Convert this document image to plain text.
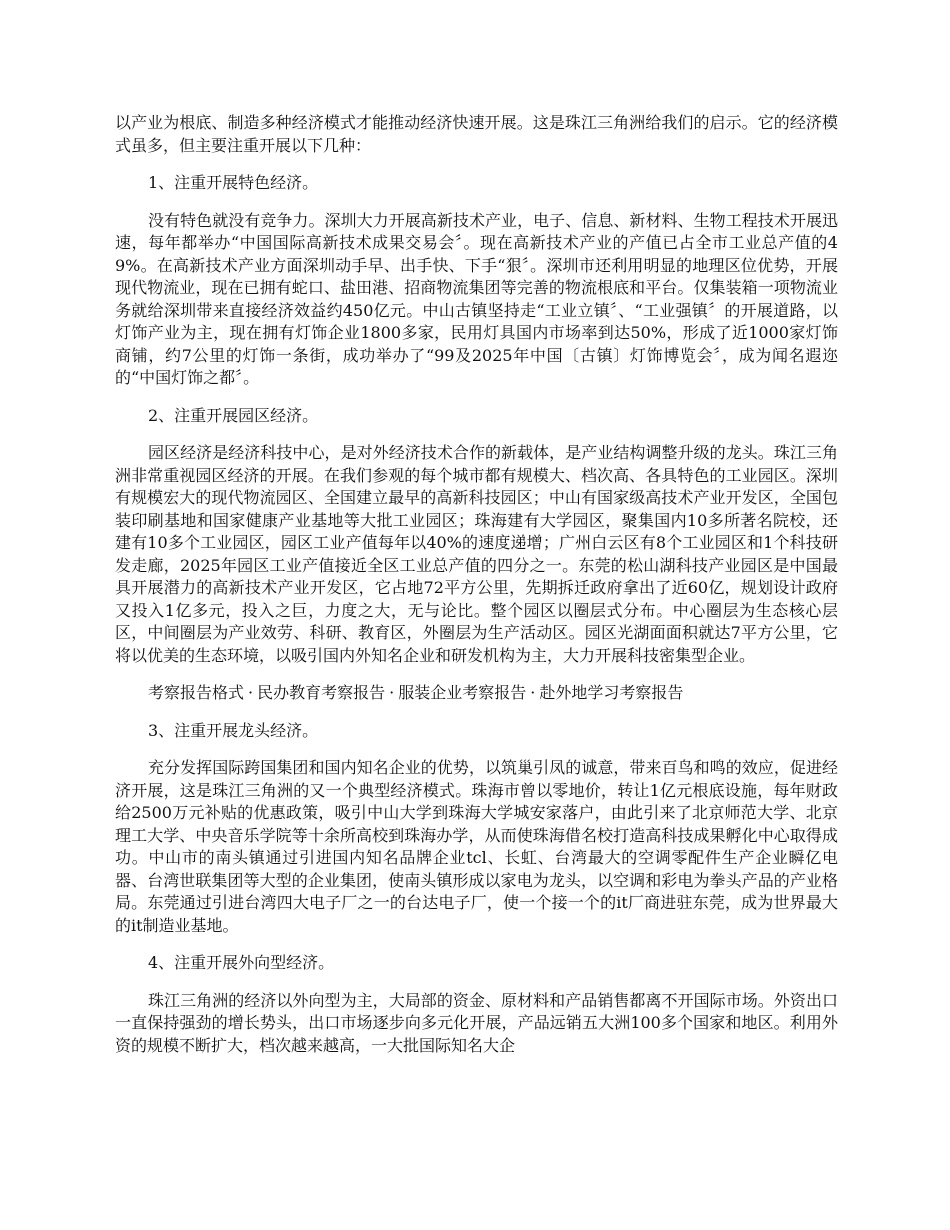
以产业为根底、制造多种经济模式才能推动经济快速开展。这是珠江三角洲给我们的启示。它的经济模式虽多，但主要注重开展以下几种：

1、注重开展特色经济。

没有特色就没有竞争力。深圳大力开展高新技术产业，电子、信息、新材料、生物工程技术开展迅速，每年都举办“中国国际高新技术成果交易会〞。现在高新技术产业的产值已占全市工业总产值的49%。在高新技术产业方面深圳动手早、出手快、下手“狠〞。深圳市还利用明显的地理区位优势，开展现代物流业，现在已拥有蛇口、盐田港、招商物流集团等完善的物流根底和平台。仅集装箱一项物流业务就给深圳带来直接经济效益约450亿元。中山古镇坚持走“工业立镇〞、“工业强镇〞的开展道路，以灯饰产业为主，现在拥有灯饰企业1800多家，民用灯具国内市场率到达50%，形成了近1000家灯饰商铺，约7公里的灯饰一条街，成功举办了“99及2025年中国〔古镇〕灯饰博览会〞，成为闻名遐迩的“中国灯饰之都〞。

2、注重开展园区经济。

园区经济是经济科技中心，是对外经济技术合作的新载体，是产业结构调整升级的龙头。珠江三角洲非常重视园区经济的开展。在我们参观的每个城市都有规模大、档次高、各具特色的工业园区。深圳有规模宏大的现代物流园区、全国建立最早的高新科技园区；中山有国家级高技术产业开发区，全国包装印刷基地和国家健康产业基地等大批工业园区；珠海建有大学园区，聚集国内10多所著名院校，还建有10多个工业园区，园区工业产值每年以40%的速度递增；广州白云区有8个工业园区和1个科技研发走廊，2025年园区工业产值接近全区工业总产值的四分之一。东莞的松山湖科技产业园区是中国最具开展潜力的高新技术产业开发区，它占地72平方公里，先期拆迁政府拿出了近60亿，规划设计政府又投入1亿多元，投入之巨，力度之大，无与论比。整个园区以圈层式分布。中心圈层为生态核心层区，中间圈层为产业效劳、科研、教育区，外圈层为生产活动区。园区光湖面面积就达7平方公里，它将以优美的生态环境，以吸引国内外知名企业和研发机构为主，大力开展科技密集型企业。

考察报告格式 · 民办教育考察报告 · 服装企业考察报告 · 赴外地学习考察报告

3、注重开展龙头经济。

充分发挥国际跨国集团和国内知名企业的优势，以筑巢引凤的诚意，带来百鸟和鸣的效应，促进经济开展，这是珠江三角洲的又一个典型经济模式。珠海市曾以零地价，转让1亿元根底设施，每年财政给2500万元补贴的优惠政策，吸引中山大学到珠海大学城安家落户，由此引来了北京师范大学、北京理工大学、中央音乐学院等十余所高校到珠海办学，从而使珠海借名校打造高科技成果孵化中心取得成功。中山市的南头镇通过引进国内知名品牌企业tcl、长虹、台湾最大的空调零配件生产企业瞬亿电器、台湾世联集团等大型的企业集团，使南头镇形成以家电为龙头，以空调和彩电为拳头产品的产业格局。东莞通过引进台湾四大电子厂之一的台达电子厂，使一个接一个的it厂商进驻东莞，成为世界最大的it制造业基地。

4、注重开展外向型经济。

珠江三角洲的经济以外向型为主，大局部的资金、原材料和产品销售都离不开国际市场。外资出口一直保持强劲的增长势头，出口市场逐步向多元化开展，产品远销五大洲100多个国家和地区。利用外资的规模不断扩大，档次越来越高，一大批国际知名大企
